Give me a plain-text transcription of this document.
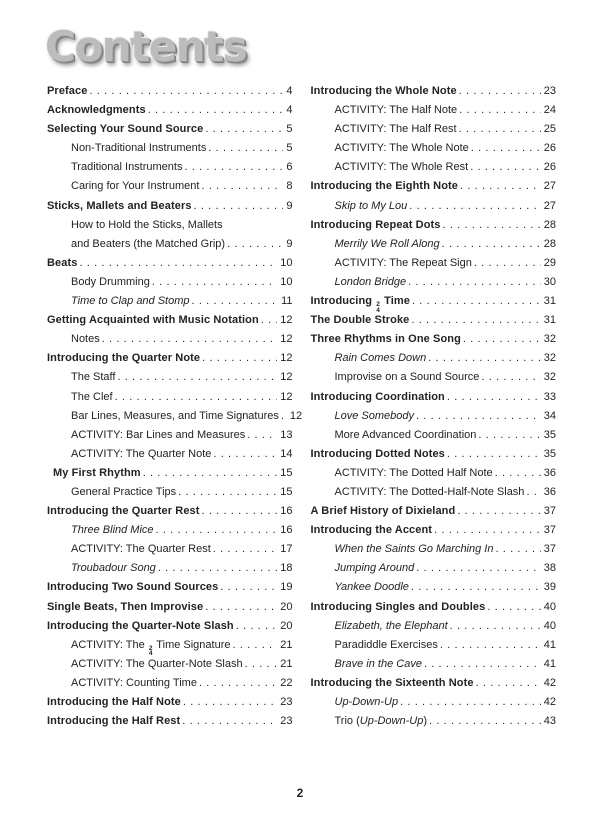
Contents
Preface . . .	4
Acknowledgments . . .	4
Selecting Your Sound Source . . .	5
Non-Traditional Instruments . . .	5
Traditional Instruments . . .	6
Caring for Your Instrument . . .	8
Sticks, Mallets and Beaters . . .	9
How to Hold the Sticks, Mallets
and Beaters (the Matched Grip) . . .	9
Beats . . .	10
Body Drumming . . .	10
Time to Clap and Stomp . . .	11
Getting Acquainted with Music Notation . . . 12
Notes . . .	12
Introducing the Quarter Note . . .	12
The Staff . . .	12
The Clef . . .	12
Bar Lines, Measures, and Time Signatures . . . 12
ACTIVITY: Bar Lines and Measures . . .	13
ACTIVITY: The Quarter Note . . .	14
My First Rhythm . . .	15
General Practice Tips . . .	15
Introducing the Quarter Rest . . .	16
Three Blind Mice . . .	16
ACTIVITY: The Quarter Rest . . .	17
Troubadour Song . . .	18
Introducing Two Sound Sources . . .	19
Single Beats, Then Improvise . . .	20
Introducing the Quarter-Note Slash . . .	20
ACTIVITY: The 2
4
Time Signature . . .	21
ACTIVITY: The Quarter-Note Slash . . .	21
ACTIVITY: Counting Time . . .	22
Introducing the Half Note . . .	23
Introducing the Half Rest . . .	23
Introducing the Whole Note . . .	23
ACTIVITY: The Half Note . . .	24
ACTIVITY: The Half Rest . . .	25
ACTIVITY: The Whole Note . . .	26
ACTIVITY: The Whole Rest . . .	26
Introducing the Eighth Note . . .	27
Skip to My Lou . . .	27
Introducing Repeat Dots . . .	28
Merrily We Roll Along . . .	28
ACTIVITY: The Repeat Sign . . .	29
London Bridge . . .	30
Introducing 2
4
Time . . .	31
The Double Stroke . . .	31
Three Rhythms in One Song . . .	32
Rain Comes Down . . .	32
Improvise on a Sound Source . . .	32
Introducing Coordination . . .	33
Love Somebody . . .	34
More Advanced Coordination . . .	35
Introducing Dotted Notes . . .	35
ACTIVITY: The Dotted Half Note . . .	36
ACTIVITY: The Dotted-Half-Note Slash . . . 36
A Brief History of Dixieland . . .	37
Introducing the Accent . . .	37
When the Saints Go Marching In . . .	37
Jumping Around . . .	38
Yankee Doodle . . .	39
Introducing Singles and Doubles . . .	40
Elizabeth, the Elephant . . .	40
Paradiddle Exercises . . .	41
Brave in the Cave . . .	41
Introducing the Sixteenth Note . . .	42
Up-Down-Up . . .	42
Trio (Up-Down-Up) . . .	43
2
